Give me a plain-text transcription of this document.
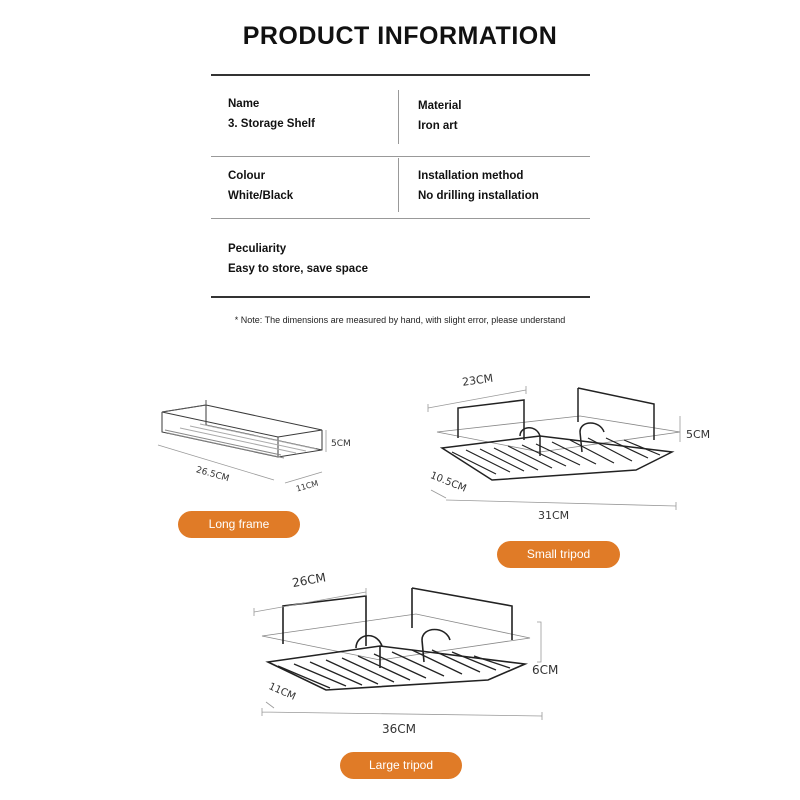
PRODUCT INFORMATION
Name
3. Storage Shelf
Material
Iron art
Colour
White/Black
Installation method
No drilling installation
Peculiarity
Easy to store, save space
* Note: The dimensions are measured by hand, with slight error, please understand
26.5CM
11CM
5CM
23CM
5CM
10.5CM
31CM
26CM
6CM
11CM
36CM
Long frame
Small tripod
Large tripod
